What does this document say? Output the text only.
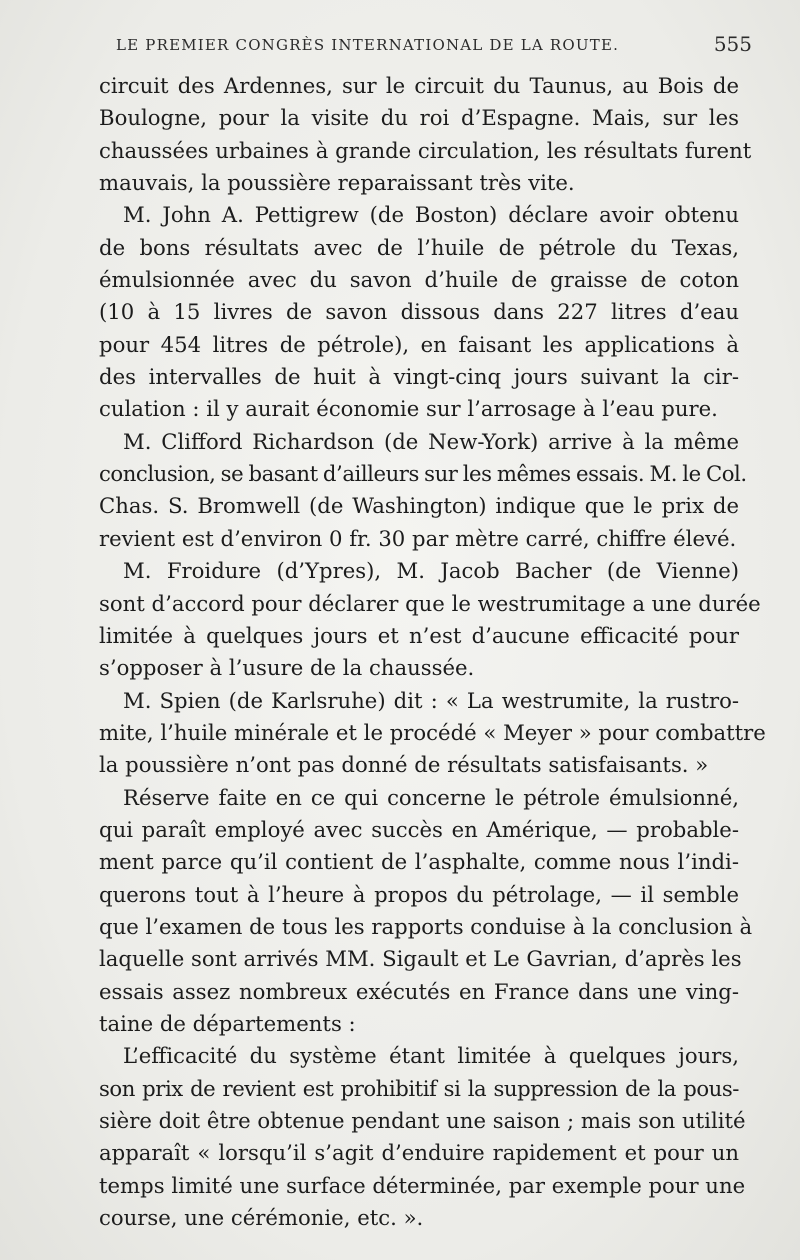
LE PREMIER CONGRÈS INTERNATIONAL DE LA ROUTE.	555
circuit des Ardennes, sur le circuit du Taunus, au Bois de
Boulogne, pour la visite du roi d’Espagne. Mais, sur les
chaussées urbaines à grande circulation, les résultats furent
mauvais, la poussière reparaissant très vite.
M. John A. Pettigrew (de Boston) déclare avoir obtenu
de bons résultats avec de l’huile de pétrole du Texas,
émulsionnée avec du savon d’huile de graisse de coton
(10 à 15 livres de savon dissous dans 227 litres d’eau
pour 454 litres de pétrole), en faisant les applications à
des intervalles de huit à vingt-cinq jours suivant la cir-
culation : il y aurait économie sur l’arrosage à l’eau pure.
M. Clifford Richardson (de New-York) arrive à la même
conclusion, se basant d’ailleurs sur les mêmes essais. M. le Col.
Chas. S. Bromwell (de Washington) indique que le prix de
revient est d’environ 0 fr. 30 par mètre carré, chiffre élevé.
M. Froidure (d’Ypres), M. Jacob Bacher (de Vienne)
sont d’accord pour déclarer que le westrumitage a une durée
limitée à quelques jours et n’est d’aucune efficacité pour
s’opposer à l’usure de la chaussée.
M. Spien (de Karlsruhe) dit : « La westrumite, la rustro-
mite, l’huile minérale et le procédé « Meyer » pour combattre
la poussière n’ont pas donné de résultats satisfaisants. »
Réserve faite en ce qui concerne le pétrole émulsionné,
qui paraît employé avec succès en Amérique, — probable-
ment parce qu’il contient de l’asphalte, comme nous l’indi-
querons tout à l’heure à propos du pétrolage, — il semble
que l’examen de tous les rapports conduise à la conclusion à
laquelle sont arrivés MM. Sigault et Le Gavrian, d’après les
essais assez nombreux exécutés en France dans une ving-
taine de départements :
L’efficacité du système étant limitée à quelques jours,
son prix de revient est prohibitif si la suppression de la pous-
sière doit être obtenue pendant une saison ; mais son utilité
apparaît « lorsqu’il s’agit d’enduire rapidement et pour un
temps limité une surface déterminée, par exemple pour une
course, une cérémonie, etc. ».
